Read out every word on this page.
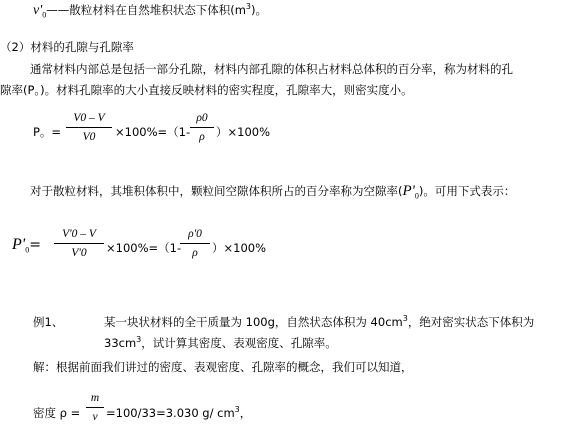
$v'_0——$散粒材料在自然堆积状态下体积$(m^3)$。
（2）材料的孔隙与孔隙率
通常材料内部总是包括一部分孔隙，材料内部孔隙的体积占材料总体积的百分率，称为材料的孔
隙率(P。)。材料孔隙率的大小直接反映材料的密实程度，孔隙率大，则密实度小。
P。=
V0 – V
V0	×100%=（1-
ρ0
ρ ）×100%
对于散粒材料，其堆积体积中，颗粒间空隙体积所占的百分率称为空隙率$(P'_0)$。可用下式表示：
$P'_0=$
V'0 – V
V'0	×100%=（1-
ρ'0
ρ	）×100%
例1、	某一块状材料的全干质量为 100g，自然状态体积为 $40cm^3$，绝对密实状态下体积为
$33cm^3$，试计算其密度、表观密度、孔隙率。
解：根据前面我们讲过的密度、表观密度、孔隙率的概念，我们可以知道，
密度 ρ =
m
v =100/33=3.030 g/ $cm^3$，
